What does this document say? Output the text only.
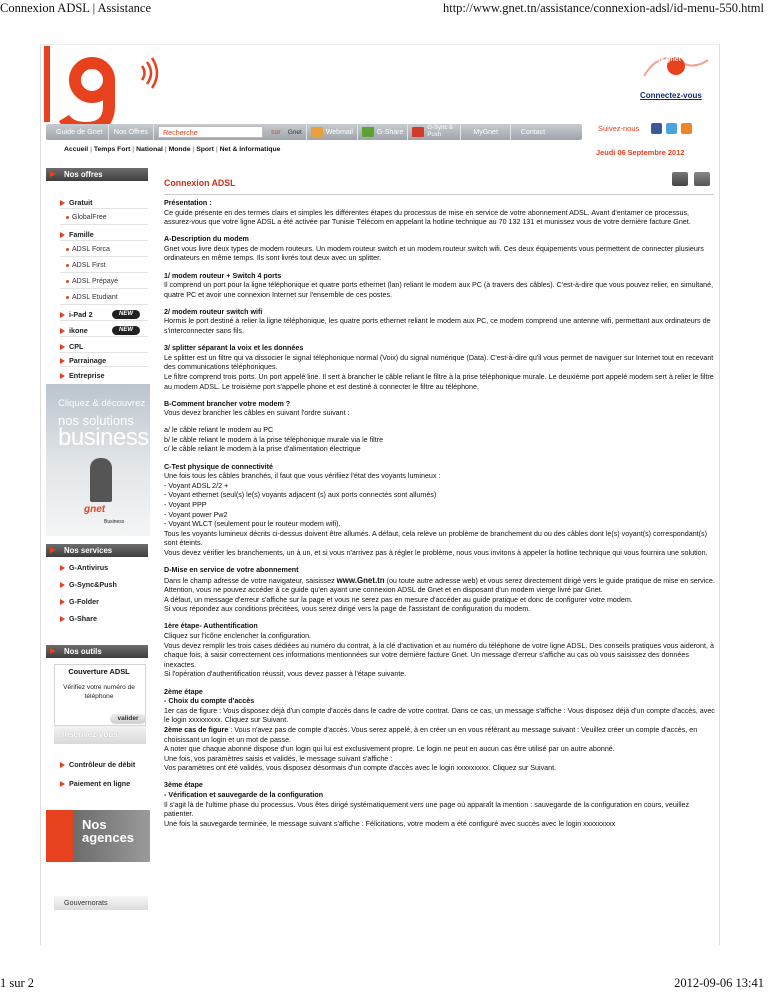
Connexion ADSL | Assistance	http://www.gnet.tn/assistance/connexion-adsl/id-menu-550.html
1 sur 2	2012-09-06 13:41
my gnet
Connectez-vous
Guide de Gnet	Nos Offres	Recherche	sur	Gnet	Webmail	G-Share
G-Sync & Push	MyGnet	Contact	Suivez-nous
Accueil | Temps Fort | National | Monde | Sport | Net & Informatique	Jeudi 06 Septembre 2012
Nos offres
Gratuit
GlobalFree
Famille
ADSL Forca
ADSL First
ADSL Prépayé
ADSL Etudiant
i-Pad 2	NEW
ikone	NEW
CPL
Parrainage
Entreprise
Cliquez & découvrez
nos solutions
business
gnet
Business
Nos services
G-Antivirus
G-Sync&Push
G-Folder
G-Share
Nos outils
Couverture ADSL
Vérifiez votre numéro de téléphone
valider
Inscrivez-vous
Contrôleur de débit
Paiement en ligne
Nos agences
Gouvernorats
Connexion ADSL
Présentation :

Ce guide présente en des termes clairs et simples les différentes étapes du processus de mise en service de votre abonnement ADSL. Avant d'entamer ce processus, assurez-vous que votre ligne ADSL a été activée par Tunisie Télécom en appelant la hotline technique au 70 132 131 et munissez vous de votre dernière facture Gnet.

A-Description du modem

Gnet vous livre deux types de modem routeurs. Un modem routeur switch et un modem routeur switch wifi. Ces deux équipements vous permettent de connecter plusieurs ordinateurs en même temps. Ils sont livrés tout deux avec un splitter.

1/ modem routeur + Switch 4 ports

Il comprend un port pour la ligne téléphonique et quatre ports ethernet (lan) reliant le modem aux PC (à travers des câbles). C'est-à-dire que vous pouvez relier, en simultané, quatre PC et avoir une connexion Internet sur l'ensemble de ces postes.

2/ modem routeur switch wifi

Hormis le port destiné à relier la ligne téléphonique, les quatre ports ethernet reliant le modem aux PC, ce modem comprend une antenne wifi, permettant aux ordinateurs de s'interconnecter sans fils.

3/ splitter séparant la voix et les données

Le splitter est un filtre qui va dissocier le signal téléphonique normal (Voix) du signal numérique (Data). C'est-à-dire qu'il vous permet de naviguer sur Internet tout en recevant des communications téléphoniques.

Le filtre comprend trois ports. Un port appelé line. Il sert à brancher le câble reliant le filtre à la prise téléphonique murale. Le deuxième port appelé modem sert à relier le filtre au modem ADSL. Le troisième port s'appelle phone et est destiné à connecter le filtre au téléphone.

B-Comment brancher votre modem ?

Vous devez brancher les câbles en suivant l'ordre suivant :

a/ le câble reliant le modem au PC

b/ le câble reliant le modem à la prise téléphonique murale via le filtre

c/ le câble reliant le modem à la prise d'alimentation électrique

C-Test physique de connectivité

Une fois tous les câbles branchés, il faut que vous vérifiiez l'état des voyants lumineux :

- Voyant ADSL 2/2 +

- Voyant ethernet (seul(s) le(s) voyants adjacent (s) aux ports connectés sont allumés)

- Voyant PPP

- Voyant power Pw2

- Voyant WLCT (seulement pour le routeur modem wifi).

Tous les voyants lumineux décrits ci-dessus doivent être allumés. A défaut, cela relève un problème de branchement du ou des câbles dont le(s) voyant(s) correspondant(s) sont éteints.

Vous devez vérifier les branchements, un à un, et si vous n'arrivez pas à régler le problème, nous vous invitons à appeler la hotline technique qui vous fournira une solution.

D-Mise en service de votre abonnement

Dans le champ adresse de votre navigateur, saisissez www.Gnet.tn (ou toute autre adresse web) et vous serez directement dirigé vers le guide pratique de mise en service.

Attention, vous ne pouvez accéder à ce guide qu'en ayant une connexion ADSL de Gnet et en disposant d'un modem vierge livré par Gnet.

A défaut, un message d'erreur s'affiche sur la page et vous ne serez pas en mesure d'accéder au guide pratique et donc de configurer votre modem.

Si vous répondez aux conditions précitées, vous serez dirigé vers la page de l'assistant de configuration du modem.

1ère étape- Authentification

Cliquez sur l'icône enclencher la configuration.

Vous devez remplir les trois cases dédiées au numéro du contrat, à la clé d'activation et au numéro du téléphone de votre ligne ADSL. Des conseils pratiques vous aideront, à chaque fois, à saisir correctement ces informations mentionnées sur votre dernière facture Gnet. Un message d'erreur s'affiche au cas où vous saisissez des données inexactes.

Si l'opération d'authentification réussit, vous devez passer à l'étape suivante.

2ème étape
- Choix du compte d'accès

1er cas de figure : Vous disposez déjà d'un compte d'accès dans le cadre de votre contrat. Dans ce cas, un message s'affiche : Vous disposez déjà d'un compte d'accès, avec le login xxxxxxxxx. Cliquez sur Suivant.

2ème cas de figure : Vous n'avez pas de compte d'accès. Vous serez appelé, à en créer un en vous référant au message suivant : Veuillez créer un compte d'accès, en choisissant un login et un mot de passe.

A noter que chaque abonné dispose d'un login qui lui est exclusivement propre. Le login ne peut en aucun cas être utilisé par un autre abonné.

Une fois, vos paramètres saisis et validés, le message suivant s'affiche :

Vos paramètres ont été validés, vous disposez désormais d'un compte d'accès avec le login xxxxxxxxx. Cliquez sur Suivant.

3ème étape
- Vérification et sauvegarde de la configuration

Il s'agit là de l'ultime phase du processus. Vous êtes dirigé systématiquement vers une page où apparaît la mention : sauvegarde de la configuration en cours, veuillez patienter.

Une fois la sauvegarde terminée, le message suivant s'affiche : Félicitations, votre modem a été configuré avec succès avec le login xxxxxxxxx
